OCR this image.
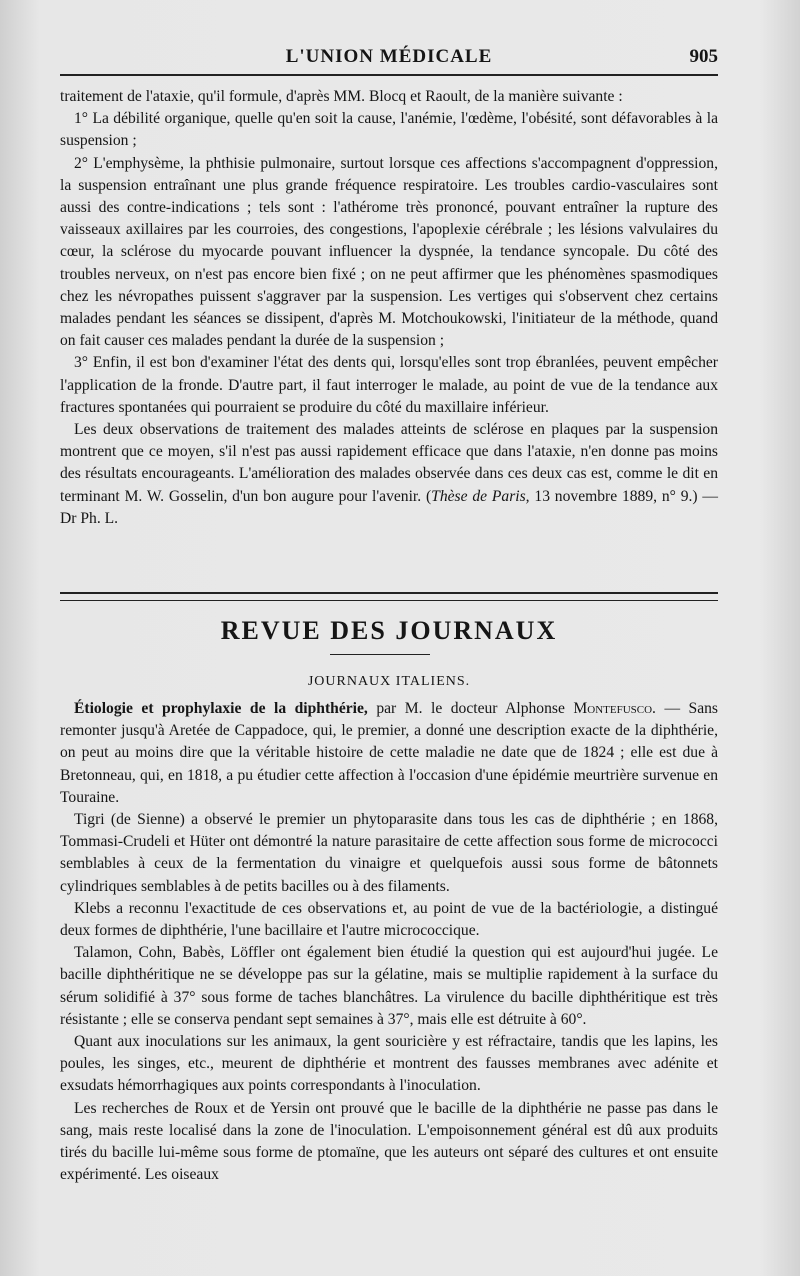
L'UNION MÉDICALE	905

traitement de l'ataxie, qu'il formule, d'après MM. Blocq et Raoult, de la manière suivante :

1° La débilité organique, quelle qu'en soit la cause, l'anémie, l'œdème, l'obésité, sont défavorables à la suspension ;

2° L'emphysème, la phthisie pulmonaire, surtout lorsque ces affections s'accompagnent d'oppression, la suspension entraînant une plus grande fréquence respiratoire. Les troubles cardio-vasculaires sont aussi des contre-indications ; tels sont : l'athérome très prononcé, pouvant entraîner la rupture des vaisseaux axillaires par les courroies, des congestions, l'apoplexie cérébrale ; les lésions valvulaires du cœur, la sclérose du myocarde pouvant influencer la dyspnée, la tendance syncopale. Du côté des troubles nerveux, on n'est pas encore bien fixé ; on ne peut affirmer que les phénomènes spasmodiques chez les névropathes puissent s'aggraver par la suspension. Les vertiges qui s'observent chez certains malades pendant les séances se dissipent, d'après M. Motchoukowski, l'initiateur de la méthode, quand on fait causer ces malades pendant la durée de la suspension ;

3° Enfin, il est bon d'examiner l'état des dents qui, lorsqu'elles sont trop ébranlées, peuvent empêcher l'application de la fronde. D'autre part, il faut interroger le malade, au point de vue de la tendance aux fractures spontanées qui pourraient se produire du côté du maxillaire inférieur.

Les deux observations de traitement des malades atteints de sclérose en plaques par la suspension montrent que ce moyen, s'il n'est pas aussi rapidement efficace que dans l'ataxie, n'en donne pas moins des résultats encourageants. L'amélioration des malades observée dans ces deux cas est, comme le dit en terminant M. W. Gosselin, d'un bon augure pour l'avenir. (Thèse de Paris, 13 novembre 1889, n° 9.) — Dr Ph. L.

REVUE DES JOURNAUX
JOURNAUX ITALIENS.

Étiologie et prophylaxie de la diphthérie, par M. le docteur Alphonse Montefusco. — Sans remonter jusqu'à Aretée de Cappadoce, qui, le premier, a donné une description exacte de la diphthérie, on peut au moins dire que la véritable histoire de cette maladie ne date que de 1824 ; elle est due à Bretonneau, qui, en 1818, a pu étudier cette affection à l'occasion d'une épidémie meurtrière survenue en Touraine.

Tigri (de Sienne) a observé le premier un phytoparasite dans tous les cas de diphthérie ; en 1868, Tommasi-Crudeli et Hüter ont démontré la nature parasitaire de cette affection sous forme de micrococci semblables à ceux de la fermentation du vinaigre et quelquefois aussi sous forme de bâtonnets cylindriques semblables à de petits bacilles ou à des filaments.

Klebs a reconnu l'exactitude de ces observations et, au point de vue de la bactériologie, a distingué deux formes de diphthérie, l'une bacillaire et l'autre micrococcique.

Talamon, Cohn, Babès, Löffler ont également bien étudié la question qui est aujourd'hui jugée. Le bacille diphthéritique ne se développe pas sur la gélatine, mais se multiplie rapidement à la surface du sérum solidifié à 37° sous forme de taches blanchâtres. La virulence du bacille diphthéritique est très résistante ; elle se conserva pendant sept semaines à 37°, mais elle est détruite à 60°.

Quant aux inoculations sur les animaux, la gent souricière y est réfractaire, tandis que les lapins, les poules, les singes, etc., meurent de diphthérie et montrent des fausses membranes avec adénite et exsudats hémorrhagiques aux points correspondants à l'inoculation.

Les recherches de Roux et de Yersin ont prouvé que le bacille de la diphthérie ne passe pas dans le sang, mais reste localisé dans la zone de l'inoculation. L'empoisonnement général est dû aux produits tirés du bacille lui-même sous forme de ptomaïne, que les auteurs ont séparé des cultures et ont ensuite expérimenté. Les oiseaux
